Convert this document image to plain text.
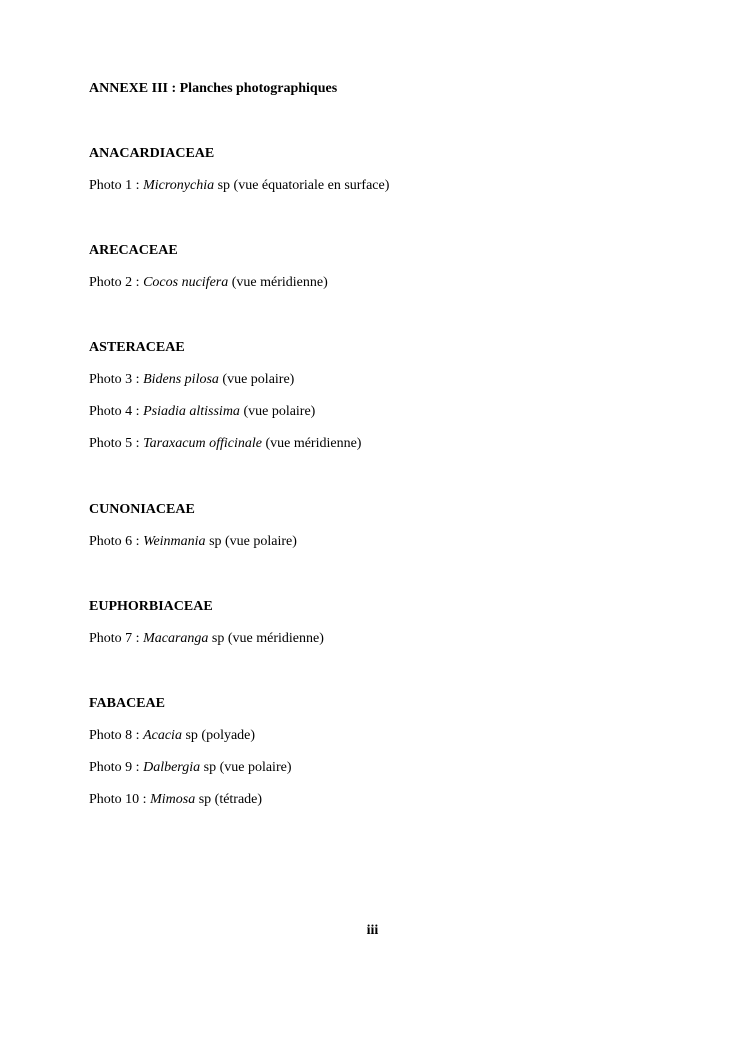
ANNEXE III : Planches photographiques
ANACARDIACEAE
Photo 1 : Micronychia sp (vue équatoriale en surface)
ARECACEAE
Photo 2 : Cocos nucifera (vue méridienne)
ASTERACEAE
Photo 3 : Bidens pilosa (vue polaire)
Photo 4 : Psiadia altissima (vue polaire)
Photo 5 : Taraxacum officinale (vue méridienne)
CUNONIACEAE
Photo 6 : Weinmania sp (vue polaire)
EUPHORBIACEAE
Photo 7 : Macaranga sp (vue méridienne)
FABACEAE
Photo 8 : Acacia sp (polyade)
Photo 9 : Dalbergia sp (vue polaire)
Photo 10 : Mimosa sp (tétrade)
iii
